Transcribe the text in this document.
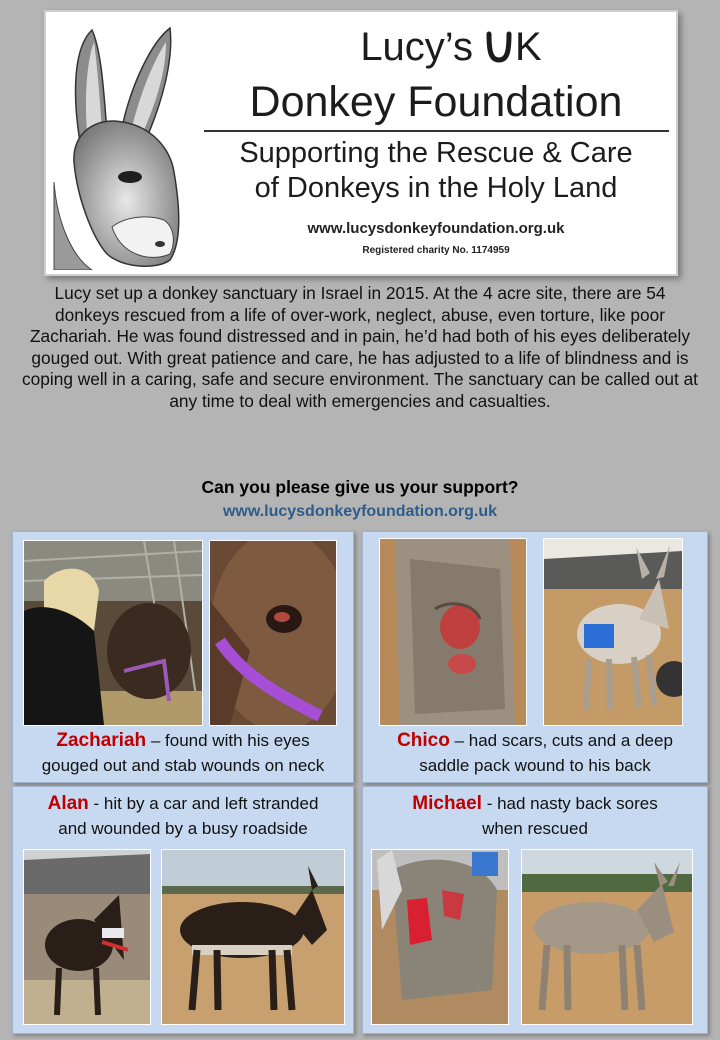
Lucy’s K
Donkey Foundation
Supporting the Rescue & Care
of Donkeys in the Holy Land
www.lucysdonkeyfoundation.org.uk
Registered charity No. 1174959
Lucy set up a donkey sanctuary in Israel in 2015. At the 4 acre site, there are 54 donkeys rescued from a life of over-work, neglect, abuse, even torture, like poor Zachariah. He was found distressed and in pain, he’d had both of his eyes deliberately gouged out. With great patience and care, he has adjusted to a life of blindness and is coping well in a caring, safe and secure environment. The sanctuary can be called out at any time to deal with emergencies and casualties.
Can you please give us your support?
www.lucysdonkeyfoundation.org.uk
Zachariah – found with his eyes
gouged out and stab wounds on neck
Chico – had scars, cuts and a deep
saddle pack wound to his back
Alan - hit by a car and left stranded
and wounded by a busy roadside
Michael - had nasty back sores
when rescued
